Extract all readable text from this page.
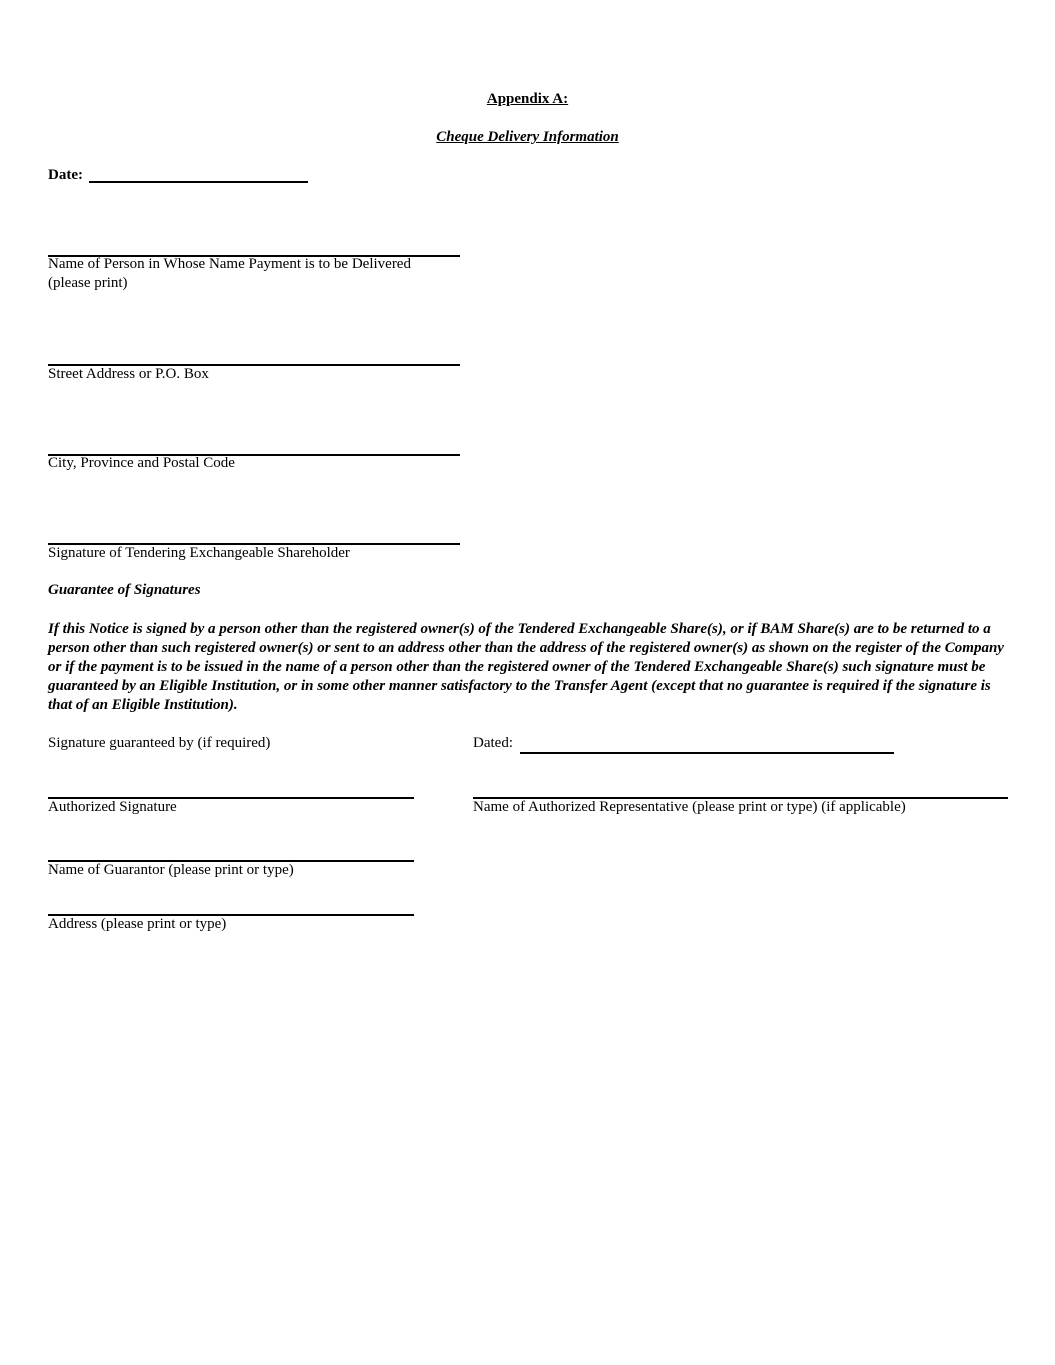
Appendix A:
Cheque Delivery Information
Date:
Name of Person in Whose Name Payment is to be Delivered
(please print)
Street Address or P.O. Box
City, Province and Postal Code
Signature of Tendering Exchangeable Shareholder
Guarantee of Signatures
If this Notice is signed by a person other than the registered owner(s) of the Tendered Exchangeable Share(s), or if BAM Share(s) are to be returned to a person other than such registered owner(s) or sent to an address other than the address of the registered owner(s) as shown on the register of the Company or if the payment is to be issued in the name of a person other than the registered owner of the Tendered Exchangeable Share(s) such signature must be guaranteed by an Eligible Institution, or in some other manner satisfactory to the Transfer Agent (except that no guarantee is required if the signature is that of an Eligible Institution).
Signature guaranteed by (if required)	Dated:
Authorized Signature	Name of Authorized Representative (please print or type) (if applicable)
Name of Guarantor (please print or type)
Address (please print or type)
